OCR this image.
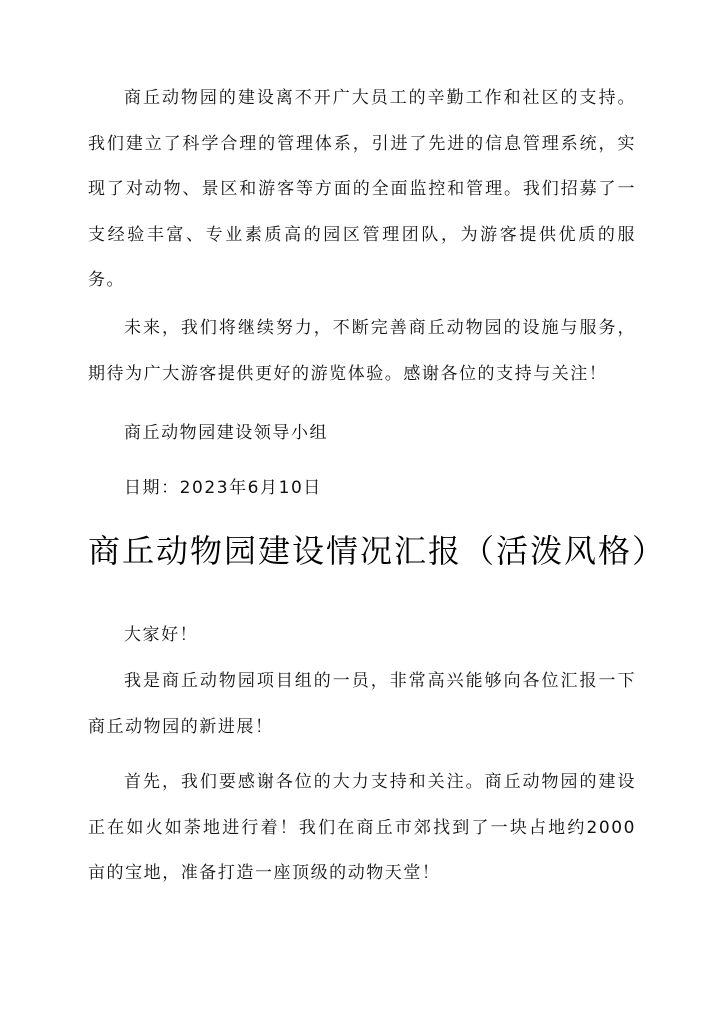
商丘动物园的建设离不开广大员工的辛勤工作和社区的支持。我们建立了科学合理的管理体系，引进了先进的信息管理系统，实现了对动物、景区和游客等方面的全面监控和管理。我们招募了一支经验丰富、专业素质高的园区管理团队，为游客提供优质的服务。

未来，我们将继续努力，不断完善商丘动物园的设施与服务，期待为广大游客提供更好的游览体验。感谢各位的支持与关注！

商丘动物园建设领导小组

日期：2023年6月10日

商丘动物园建设情况汇报（活泼风格）

大家好！

我是商丘动物园项目组的一员，非常高兴能够向各位汇报一下商丘动物园的新进展！

首先，我们要感谢各位的大力支持和关注。商丘动物园的建设正在如火如荼地进行着！我们在商丘市郊找到了一块占地约2000亩的宝地，准备打造一座顶级的动物天堂！
